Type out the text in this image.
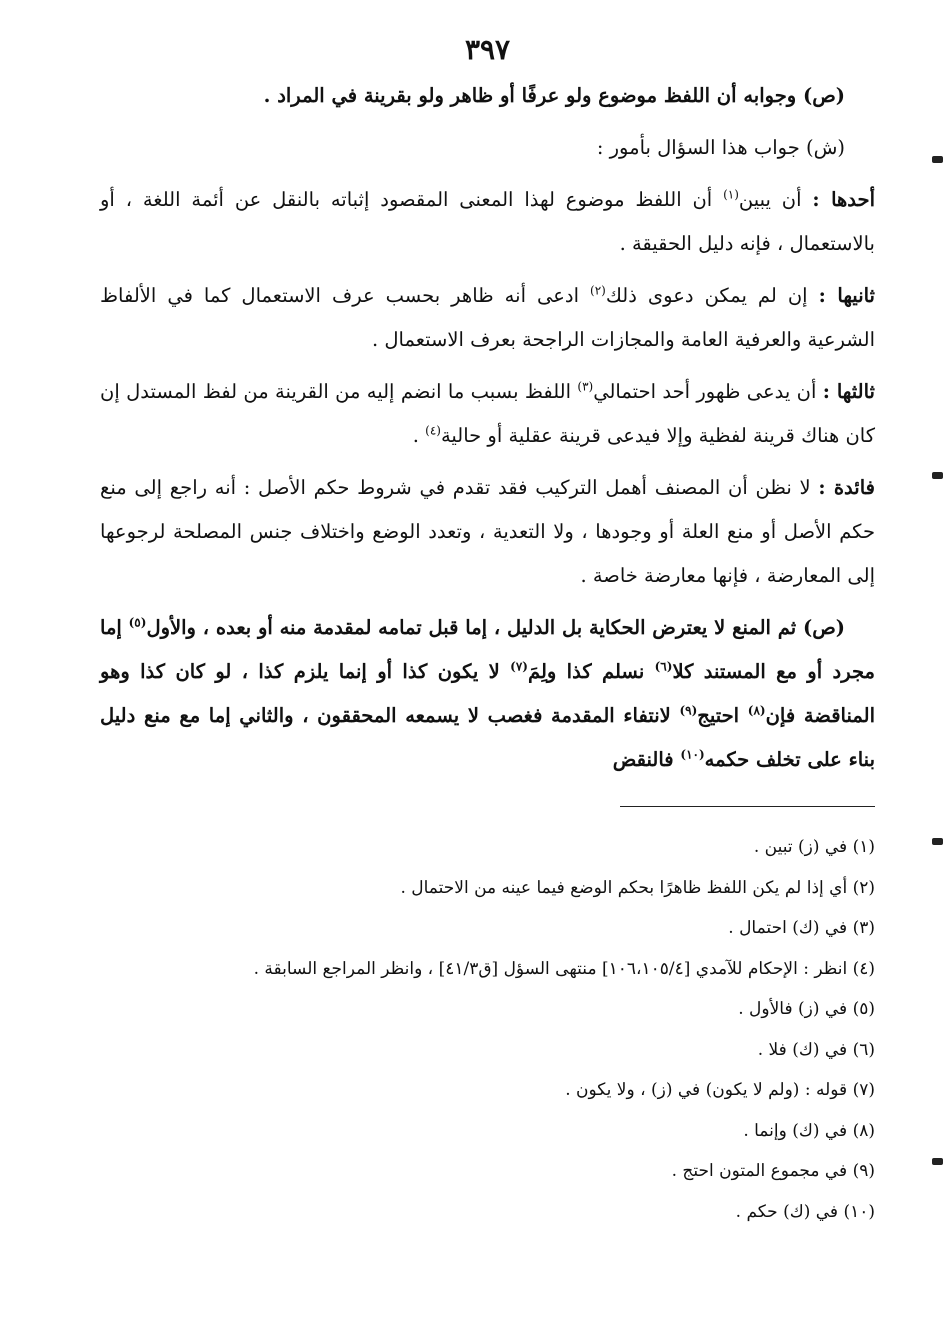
٣٩٧

(ص) وجوابه أن اللفظ موضوع ولو عرفًا أو ظاهر ولو بقرينة في المراد .

(ش) جواب هذا السؤال بأمور :

أحدها : أن يبين$^{(١)}$ أن اللفظ موضوع لهذا المعنى المقصود إثباته بالنقل عن أئمة اللغة ، أو بالاستعمال ، فإنه دليل الحقيقة .

ثانيها : إن لم يمكن دعوى ذلك$^{(٢)}$ ادعى أنه ظاهر بحسب عرف الاستعمال كما في الألفاظ الشرعية والعرفية العامة والمجازات الراجحة بعرف الاستعمال .

ثالثها : أن يدعى ظهور أحد احتمالي$^{(٣)}$ اللفظ بسبب ما انضم إليه من القرينة من لفظ المستدل إن كان هناك قرينة لفظية وإلا فيدعى قرينة عقلية أو حالية$^{(٤)}$ .

فائدة : لا نظن أن المصنف أهمل التركيب فقد تقدم في شروط حكم الأصل : أنه راجع إلى منع حكم الأصل أو منع العلة أو وجودها ، ولا التعدية ، وتعدد الوضع واختلاف جنس المصلحة لرجوعها إلى المعارضة ، فإنها معارضة خاصة .

(ص) ثم المنع لا يعترض الحكاية بل الدليل ، إما قبل تمامه لمقدمة منه أو بعده ، والأول$^{(٥)}$ إما مجرد أو مع المستند كلا$^{(٦)}$ نسلم كذا ولِمَ$^{(٧)}$ لا يكون كذا أو إنما يلزم كذا ، لو كان كذا وهو المناقضة فإن$^{(٨)}$ احتيج$^{(٩)}$ لانتفاء المقدمة فغصب لا يسمعه المحققون ، والثاني إما مع منع دليل بناء على تخلف حكمه$^{(١٠)}$ فالنقض

(١) في (ز) تبين .
(٢) أي إذا لم يكن اللفظ ظاهرًا بحكم الوضع فيما عينه من الاحتمال .
(٣) في (ك) احتمال .
(٤) انظر : الإحكام للآمدي [١٠٦،١٠٥/٤] منتهى السؤل [ق٤١/٣] ، وانظر المراجع السابقة .
(٥) في (ز) فالأول .
(٦) في (ك) فلا .
(٧) قوله : (ولم لا يكون) في (ز) ، ولا يكون .
(٨) في (ك) وإنما .
(٩) في مجموع المتون احتج .
(١٠) في (ك) حكم .
